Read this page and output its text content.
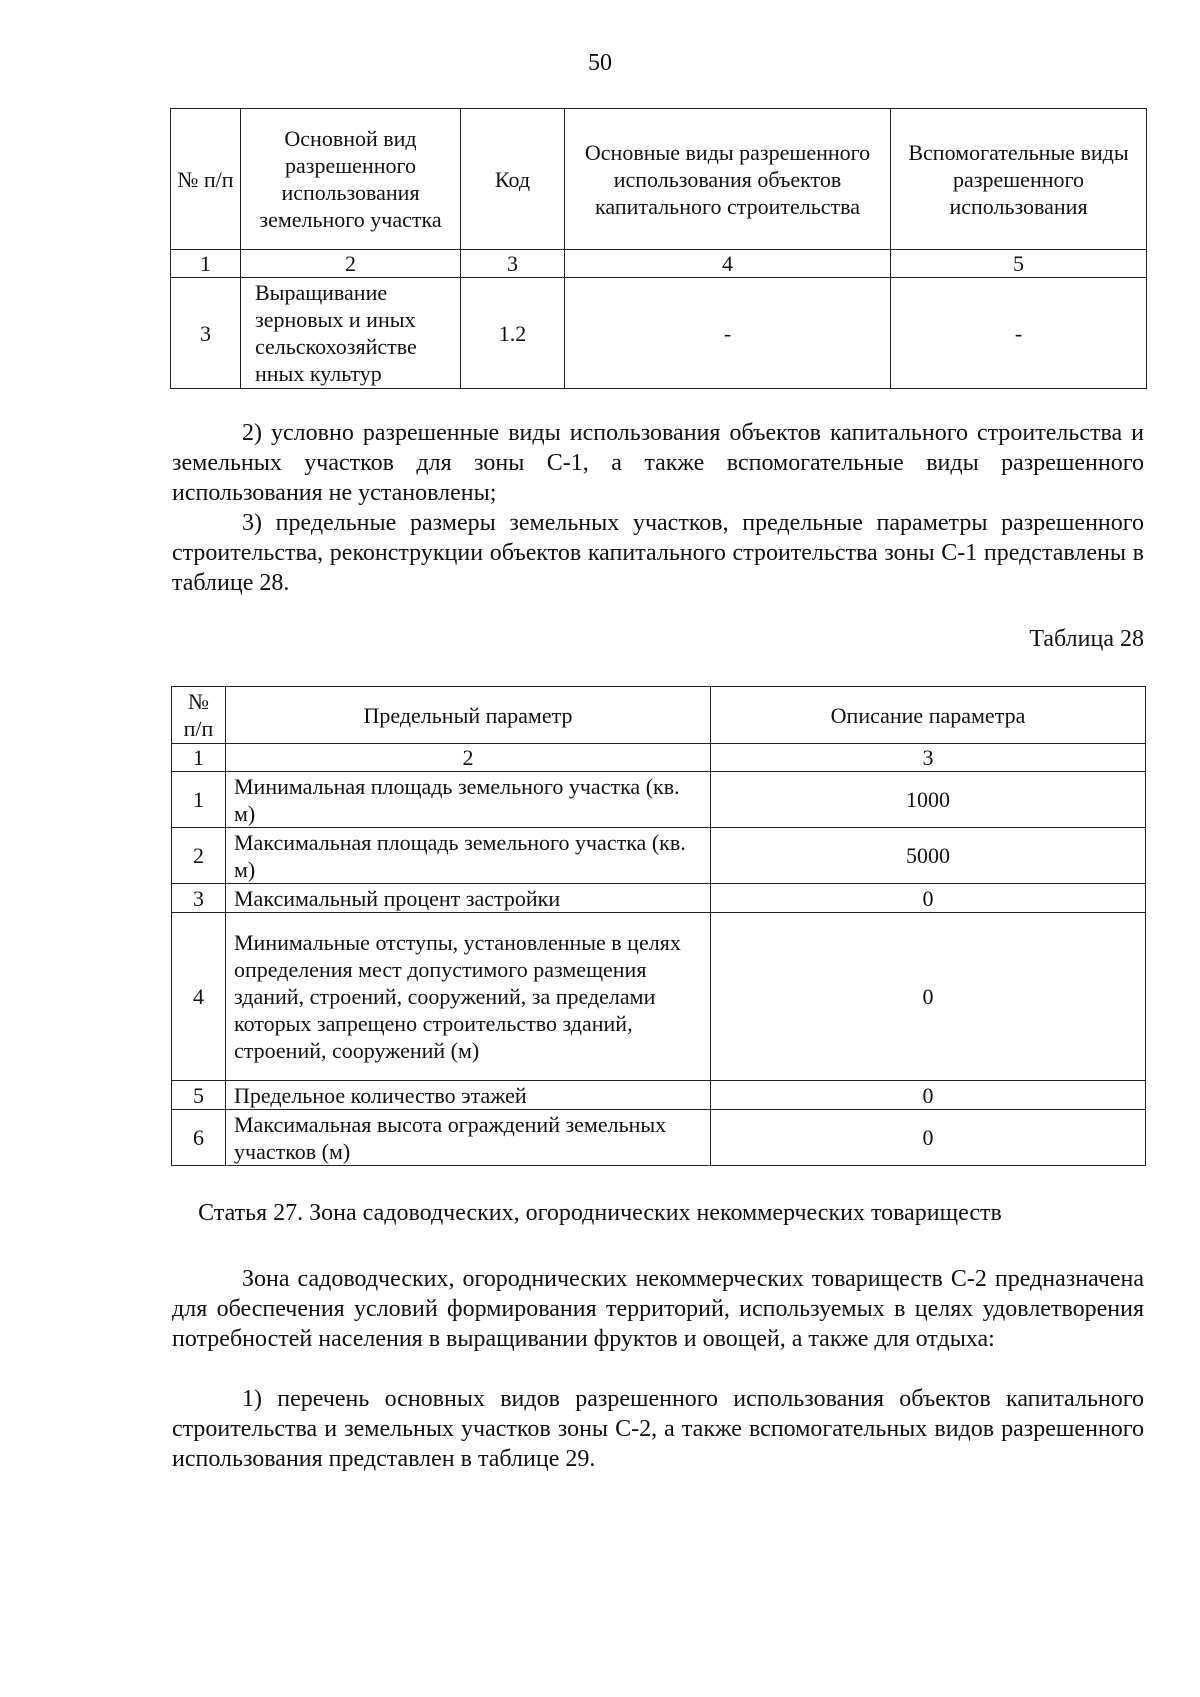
50
№ п/п	Основной вид разрешенного использования земельного участка	Код	Основные виды разрешенного использования объектов капитального строительства	Вспомогательные виды разрешенного использования
1	2	3	4	5
3	Выращивание зерновых и иных сельскохозяйстве нных культур	1.2	-	-
2) условно разрешенные виды использования объектов капитального строительства и земельных участков для зоны С-1, а также вспомогательные виды разрешенного использования не установлены;
3) предельные размеры земельных участков, предельные параметры разрешенного строительства, реконструкции объектов капитального строительства зоны С-1 представлены в таблице 28.
Таблица 28
№ п/п	Предельный параметр	Описание параметра
1	2	3
1	Минимальная площадь земельного участка (кв. м)	1000
2	Максимальная площадь земельного участка (кв. м)	5000
3	Максимальный процент застройки	0
4	Минимальные отступы, установленные в целях определения мест допустимого размещения зданий, строений, сооружений, за пределами которых запрещено строительство зданий, строений, сооружений (м)	0
5	Предельное количество этажей	0
6	Максимальная высота ограждений земельных участков (м)	0
Статья 27. Зона садоводческих, огороднических некоммерческих товариществ
Зона садоводческих, огороднических некоммерческих товариществ С-2 предназначена для обеспечения условий формирования территорий, используемых в целях удовлетворения потребностей населения в выращивании фруктов и овощей, а также для отдыха:
1) перечень основных видов разрешенного использования объектов капитального строительства и земельных участков зоны С-2, а также вспомогательных видов разрешенного использования представлен в таблице 29.
